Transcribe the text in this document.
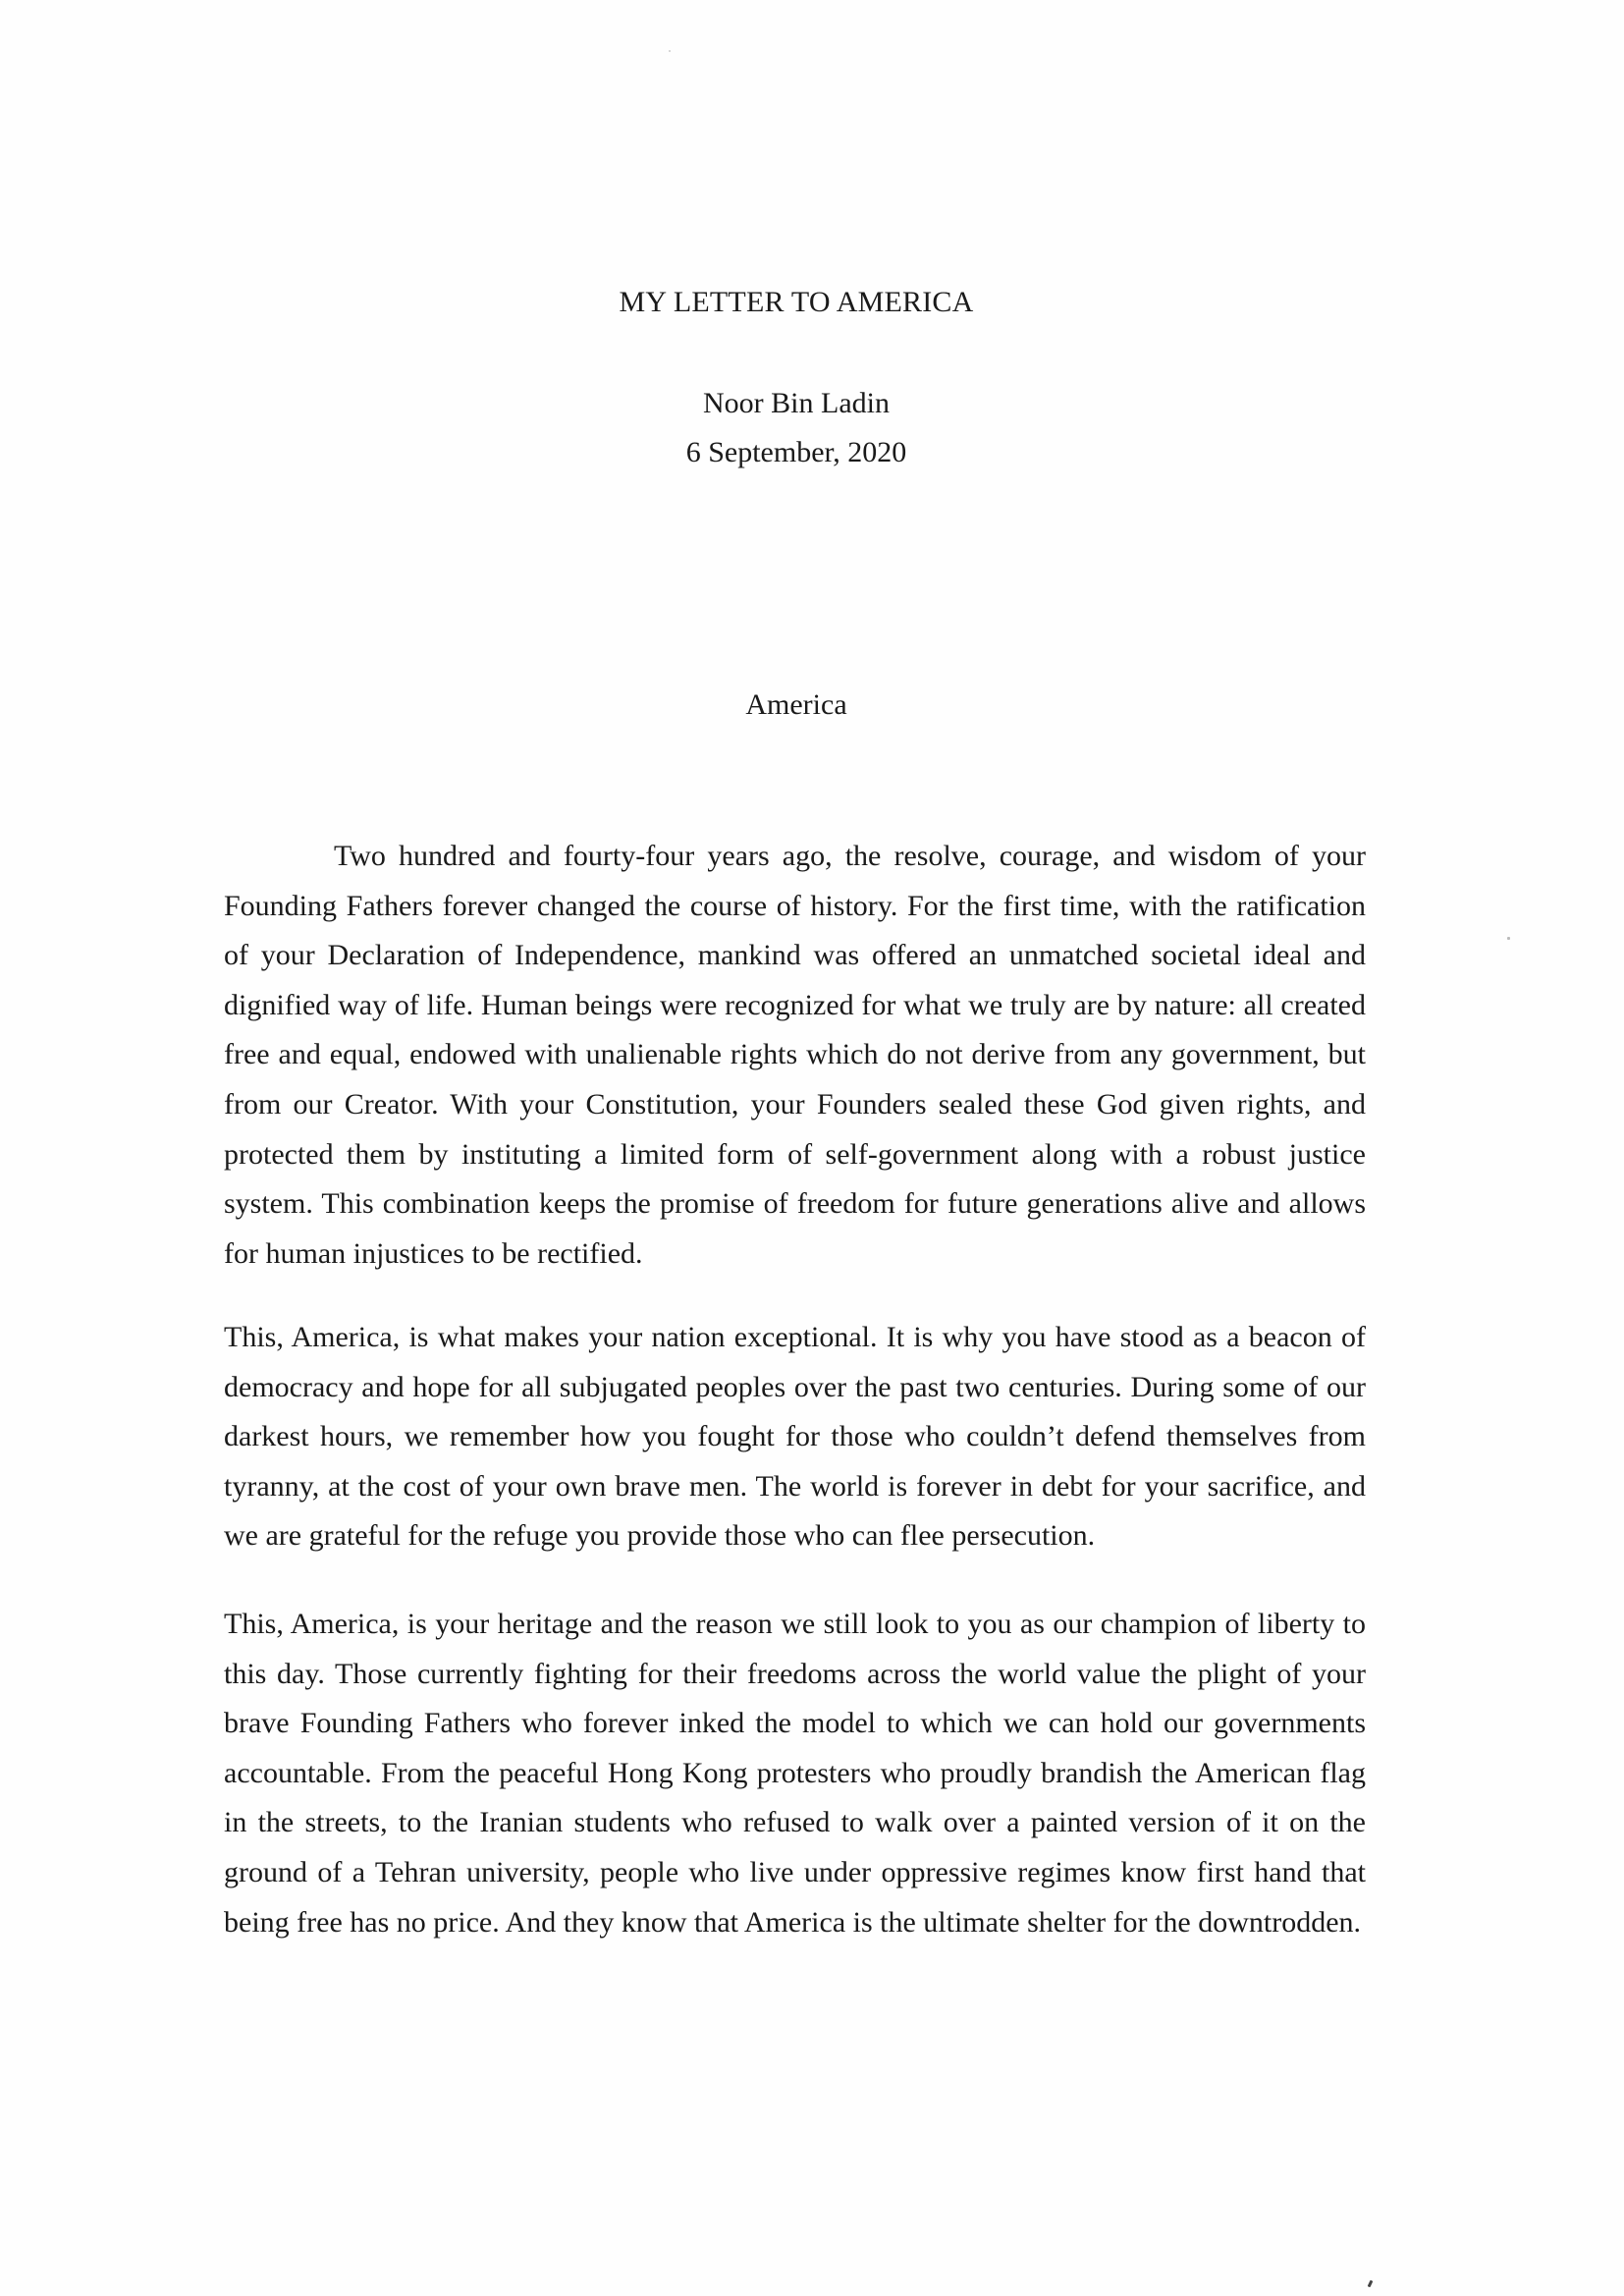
MY LETTER TO AMERICA
Noor Bin Ladin
6 September, 2020
America

Two hundred and fourty-four years ago, the resolve, courage, and wisdom of your Founding Fathers forever changed the course of history. For the first time, with the ratification of your Declaration of Independence, mankind was offered an unmatched societal ideal and dignified way of life. Human beings were recognized for what we truly are by nature: all created free and equal, endowed with unalienable rights which do not derive from any government, but from our Creator. With your Constitution, your Founders sealed these God given rights, and protected them by instituting a limited form of self-government along with a robust justice system. This combination keeps the promise of freedom for future generations alive and allows for human injustices to be rectified.

This, America, is what makes your nation exceptional. It is why you have stood as a beacon of democracy and hope for all subjugated peoples over the past two centuries. During some of our darkest hours, we remember how you fought for those who couldn’t defend themselves from tyranny, at the cost of your own brave men. The world is forever in debt for your sacrifice, and we are grateful for the refuge you provide those who can flee persecution.

This, America, is your heritage and the reason we still look to you as our champion of liberty to this day. Those currently fighting for their freedoms across the world value the plight of your brave Founding Fathers who forever inked the model to which we can hold our governments accountable. From the peaceful Hong Kong protesters who proudly brandish the American flag in the streets, to the Iranian students who refused to walk over a painted version of it on the ground of a Tehran university, people who live under oppressive regimes know first hand that being free has no price. And they know that America is the ultimate shelter for the downtrodden.
